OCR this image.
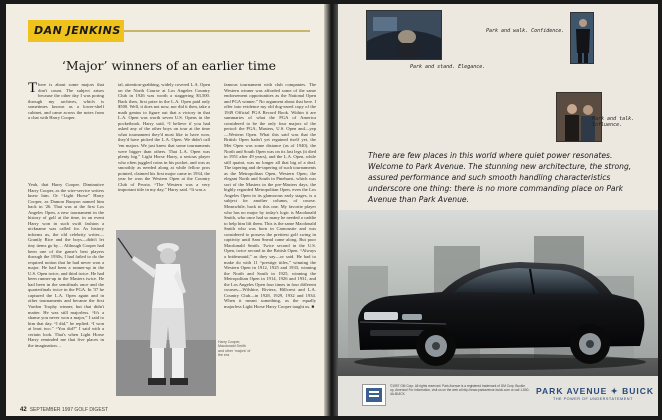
DAN JENKINS
‘Major’ winners of an earlier time
There is about some majors that don't count. The subject arises because the other day I was poring through my archives, which is sometimes known as a lower-shelf cabinet, and came across the notes from a chat with Harry Cooper.
Yeah, that Harry Cooper. Diminutive Harry Cooper, as the wire-service writers knew him. Or “Light Horse” Harry Cooper, as Damon Runyon named him back in '26. That was at the first Los Angeles Open, a new tournament in the history of golf at the time, in an event Harry won in such swift fashion a nickname was called for. As history informs us, the old celebrity writer—Grantly Rice and the boys—didn't let tiny items go by… Although Cooper had been one of the game's best players through the 1930s, I had failed to do the required notion that he had never won a major. He had been a runner-up in the U.S. Open twice, and third twice. He had been runner-up in the Masters twice. He had been in the semifinals once and the quarterfinals twice in the PGA. In '37 he captured the L.A. Open again and in other tournaments and became the first Vardon Trophy winner, but that didn't matter. He was still majorless. “It's a shame you never won a major,” I said to him that day. “I did,” he replied. “I won at least two.” “You did?” I said with a certain look. That's when Light Horse Harry reminded me that five places in the imagination…
tal, attention-grabbing, widely covered L.A. Open on the North Course at Los Angeles Country Club in 1926 was worth a staggering $3,500. Back then, first prize in the L.A. Open paid only $500. Well, it does not now, nor did it then, take a math genius to figure out that a victory in that L.A. Open was worth seven U.S. Opens in the pocketbook. Harry said, “I believe if you had asked any of the other boys on tour at the time what tournament they'd most like to have won, they'd have picked the L.A. Open. We didn't call 'em majors. We just knew that some tournaments were bigger than others. That L.A. Open was plenty big.” Light Horse Harry, a serious player who often juggled coins in his pocket, and was as smoothly as needed along at while fellow pros pointed, claimed his first major came in 1934, the year he won the Western Open at the Country Club of Peoria. “The Western was a very important title in my day,” Harry said. “It was a
famous tournament with club companies. The Western winner was afforded some of the same endorsement opportunities as the National Open and PGA winner.” No argument about that here. I offer into evidence my old dog-eared copy of the 1949 Official PGA Record Book. Within it are summaries of what the PGA of America considered to be the only four majors of the period: the PGA, Masters, U.S. Open and—yep—Western Open. What this said was that the British Open hadn't yet regained itself yet, the Met Open was some distance (as of 1940), the North and South Open was on its last legs (it died in 1951 after 49 years), and the L.A. Open, while still quaint, was no longer all that big of a deal. The tapering and de-tapering of such tournaments as the Metropolitan Open, Western Open, the elegant North and South in Pinehurst, which was sort of the Masters in the pre-Masters days, the highly regarded Metropolitan Open, even the Los Angeles Open in its glamorous early stages, is a subject for another column, of course. Meanwhile, back to this one. My favorite player who has no major by today's logic is Macdonald Smith, who once had so many he needed a caddie to help him lift them. This is the same Macdonald Smith who was born in Carnoustie and was considered to possess the prettiest golf swing in captivity until Sam Snead came along. But poor Macdonald Smith. Twice second in the U.S. Open, twice second in the British Open. “Always a bridesmaid,” as they say—or said. He had to make do with 11 “prestige titles,” winning the Western Open in 1912, 1925 and 1933, winning the North and South in 1925, winning the Metropolitan Open in 1914, 1926 and 1931, and the Los Angeles Open four times in four different courses—Wilshire, Riviera, Hillcrest and L.A. Country Club—in 1928, 1929, 1932 and 1934. When it meant something, as the equally majorless Light Horse Harry Cooper taught us. ■
Harry Cooper, Macdonald Smith and other 'majors' of the era
42 SEPTEMBER 1997 GOLF DIGEST
Park and walk. Confidence.
Park and stand. Elegance.
Park and talk. Influence.
There are few places in this world where quiet power resonates. Welcome to Park Avenue. The stunning new architecture, the strong, assured performance and such smooth handling characteristics underscore one thing: there is no more commanding place on Park Avenue than Park Avenue.
©1997 GM Corp. All rights reserved. Park Avenue is a registered trademark of GM Corp. Buckle up, America! For information, visit us on the web at http://www.parkavenue.buick.com or call 1-800-4A-BUICK	PARK AVENUE ✦ BUICK
THE POWER OF UNDERSTATEMENT
